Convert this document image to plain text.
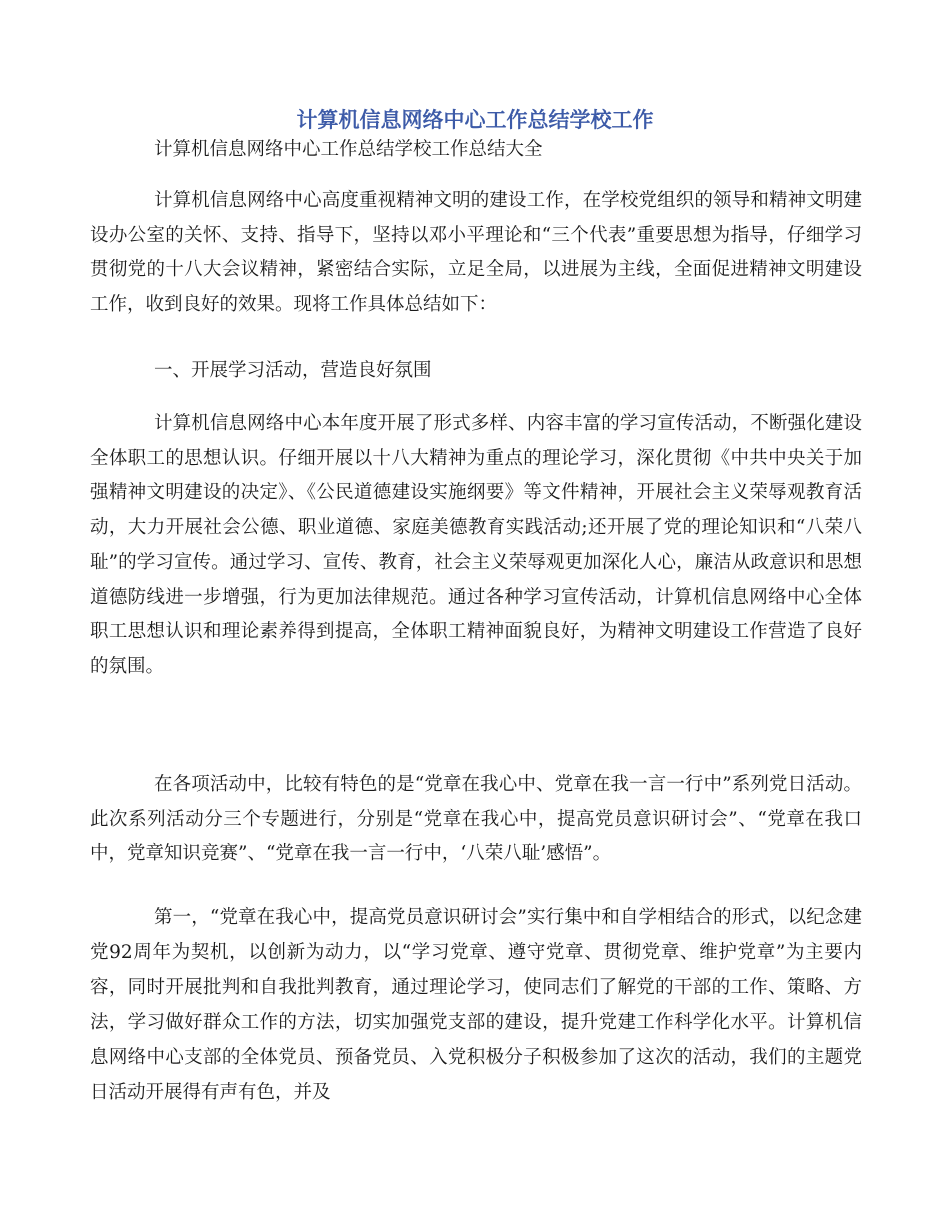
计算机信息网络中心工作总结学校工作

计算机信息网络中心工作总结学校工作总结大全

计算机信息网络中心高度重视精神文明的建设工作，在学校党组织的领导和精神文明建设办公室的关怀、支持、指导下，坚持以邓小平理论和“三个代表”重要思想为指导，仔细学习贯彻党的十八大会议精神，紧密结合实际，立足全局，以进展为主线，全面促进精神文明建设工作，收到良好的效果。现将工作具体总结如下：

一、开展学习活动，营造良好氛围

计算机信息网络中心本年度开展了形式多样、内容丰富的学习宣传活动，不断强化建设全体职工的思想认识。仔细开展以十八大精神为重点的理论学习，深化贯彻《中共中央关于加强精神文明建设的决定》、《公民道德建设实施纲要》等文件精神，开展社会主义荣辱观教育活动，大力开展社会公德、职业道德、家庭美德教育实践活动;还开展了党的理论知识和“八荣八耻”的学习宣传。通过学习、宣传、教育，社会主义荣辱观更加深化人心，廉洁从政意识和思想道德防线进一步增强，行为更加法律规范。通过各种学习宣传活动，计算机信息网络中心全体职工思想认识和理论素养得到提高，全体职工精神面貌良好，为精神文明建设工作营造了良好的氛围。

在各项活动中，比较有特色的是“党章在我心中、党章在我一言一行中”系列党日活动。此次系列活动分三个专题进行，分别是“党章在我心中，提高党员意识研讨会”、“党章在我口中，党章知识竞赛”、“党章在我一言一行中，‘八荣八耻’感悟”。

第一，“党章在我心中，提高党员意识研讨会”实行集中和自学相结合的形式，以纪念建党92周年为契机，以创新为动力，以“学习党章、遵守党章、贯彻党章、维护党章”为主要内容，同时开展批判和自我批判教育，通过理论学习，使同志们了解党的干部的工作、策略、方法，学习做好群众工作的方法，切实加强党支部的建设，提升党建工作科学化水平。计算机信息网络中心支部的全体党员、预备党员、入党积极分子积极参加了这次的活动，我们的主题党日活动开展得有声有色，并及
